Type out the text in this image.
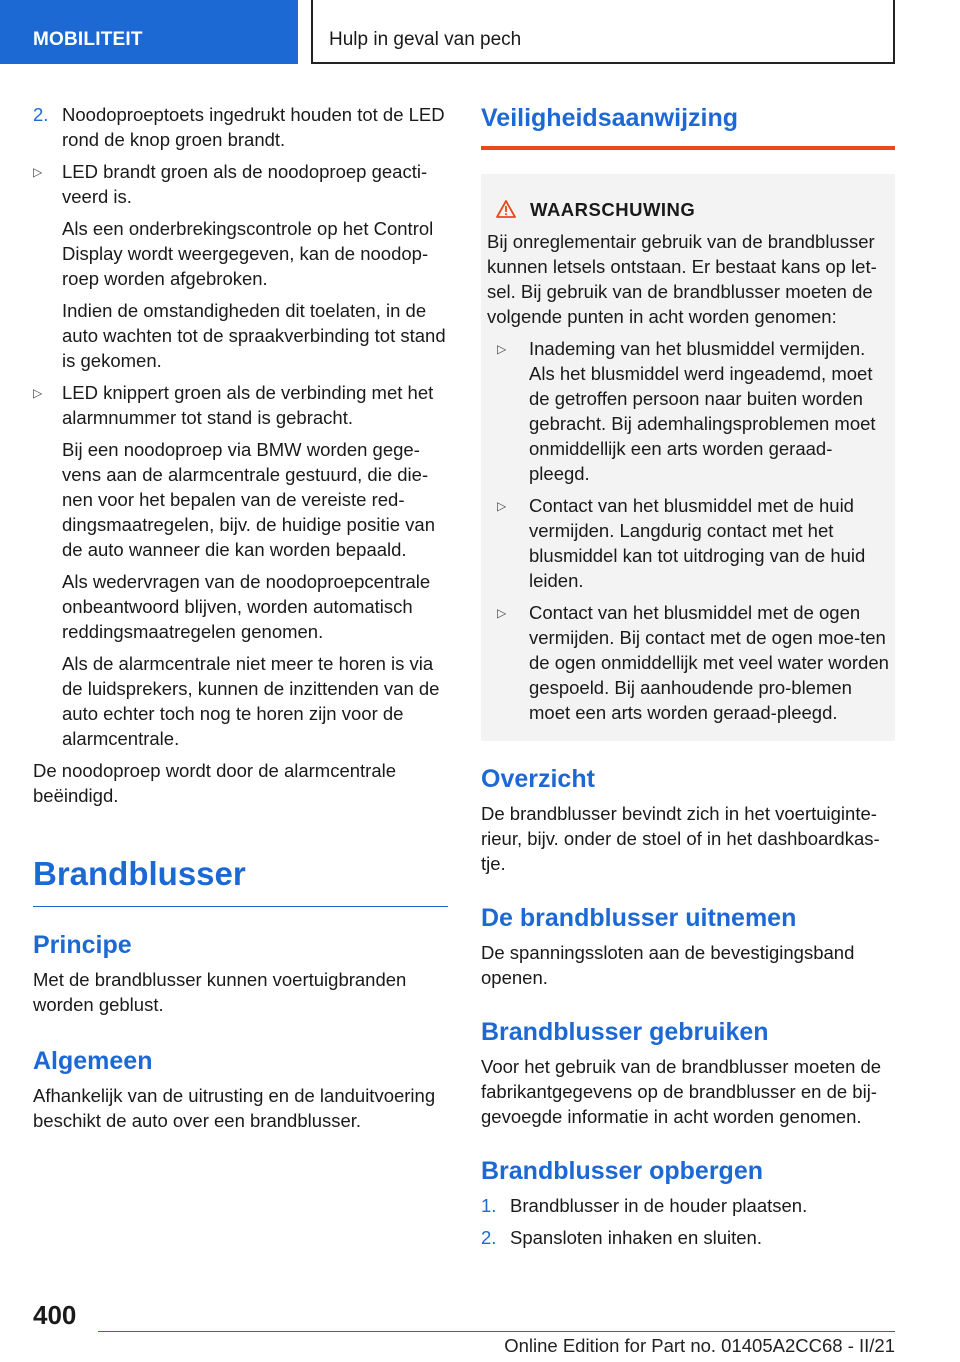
MOBILITEIT	Hulp in geval van pech
2. Noodoproeptoets ingedrukt houden tot de LED rond de knop groen brandt.

▷ LED brandt groen als de noodoproep geacti-veerd is.

Als een onderbrekingscontrole op het Control Display wordt weergegeven, kan de noodop-roep worden afgebroken.

Indien de omstandigheden dit toelaten, in de auto wachten tot de spraakverbinding tot stand is gekomen.

▷ LED knippert groen als de verbinding met het alarmnummer tot stand is gebracht.

Bij een noodoproep via BMW worden gege-vens aan de alarmcentrale gestuurd, die die-nen voor het bepalen van de vereiste red-dingsmaatregelen, bijv. de huidige positie van de auto wanneer die kan worden bepaald.

Als wedervragen van de noodoproepcentrale onbeantwoord blijven, worden automatisch reddingsmaatregelen genomen.

Als de alarmcentrale niet meer te horen is via de luidsprekers, kunnen de inzittenden van de auto echter toch nog te horen zijn voor de alarmcentrale.

De noodoproep wordt door de alarmcentrale beëindigd.

Brandblusser
Principe

Met de brandblusser kunnen voertuigbranden worden geblust.

Algemeen

Afhankelijk van de uitrusting en de landuitvoering beschikt de auto over een brandblusser.

Veiligheidsaanwijzing
WAARSCHUWING

Bij onreglementair gebruik van de brandblusser kunnen letsels ontstaan. Er bestaat kans op let-sel. Bij gebruik van de brandblusser moeten de volgende punten in acht worden genomen:

▷ Inademing van het blusmiddel vermijden. Als het blusmiddel werd ingeademd, moet de getroffen persoon naar buiten worden gebracht. Bij ademhalingsproblemen moet onmiddellijk een arts worden geraad-pleegd.

▷ Contact van het blusmiddel met de huid vermijden. Langdurig contact met het blusmiddel kan tot uitdroging van de huid leiden.

▷ Contact van het blusmiddel met de ogen vermijden. Bij contact met de ogen moe-ten de ogen onmiddellijk met veel water worden gespoeld. Bij aanhoudende pro-blemen moet een arts worden geraad-pleegd.

Overzicht

De brandblusser bevindt zich in het voertuiginte-rieur, bijv. onder de stoel of in het dashboardkas-tje.

De brandblusser uitnemen

De spanningssloten aan de bevestigingsband openen.

Brandblusser gebruiken

Voor het gebruik van de brandblusser moeten de fabrikantgegevens op de brandblusser en de bij-gevoegde informatie in acht worden genomen.

Brandblusser opbergen
1. Brandblusser in de houder plaatsen.

2. Spansloten inhaken en sluiten.

400
Online Edition for Part no. 01405A2CC68 - II/21
